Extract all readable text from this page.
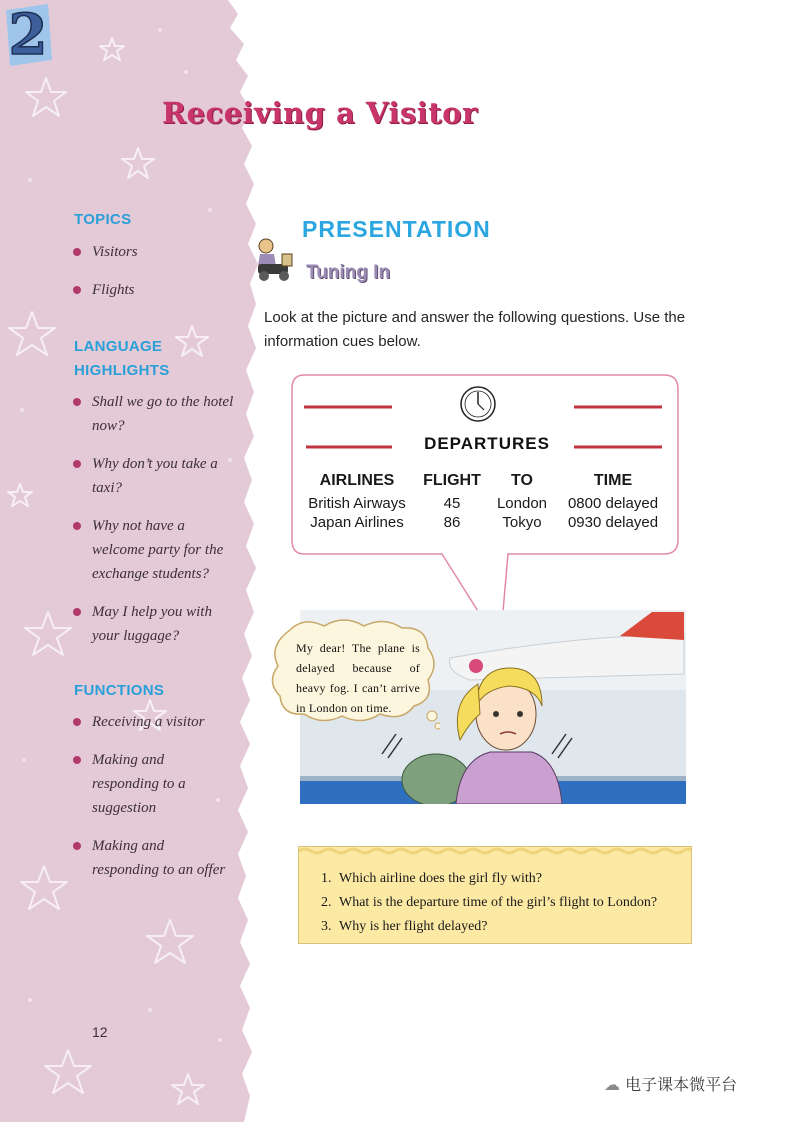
2
TOPICS
Visitors
Flights
LANGUAGE
HIGHLIGHTS
Shall we go to the hotel
now?
Why don’t you take a
taxi?
Why not have a
welcome party for the
exchange students?
May I help you with
your luggage?
FUNCTIONS
Receiving a visitor
Making and
responding to a
suggestion
Making and
responding to an offer
12
Receiving a Visitor
PRESENTATION
Tuning In

Look at the picture and answer the following questions. Use the information cues below.

DEPARTURES
AIRLINES	FLIGHT	TO	TIME
British Airways	45	London	0800 delayed
Japan Airlines	86	Tokyo	0930 delayed
My dear! The plane is delayed because of heavy fog. I can’t arrive in London on time.
1. Which airline does the girl fly with?
2. What is the departure time of the girl’s flight to London?
3. Why is her flight delayed?
☁︎ 电子课本微平台
